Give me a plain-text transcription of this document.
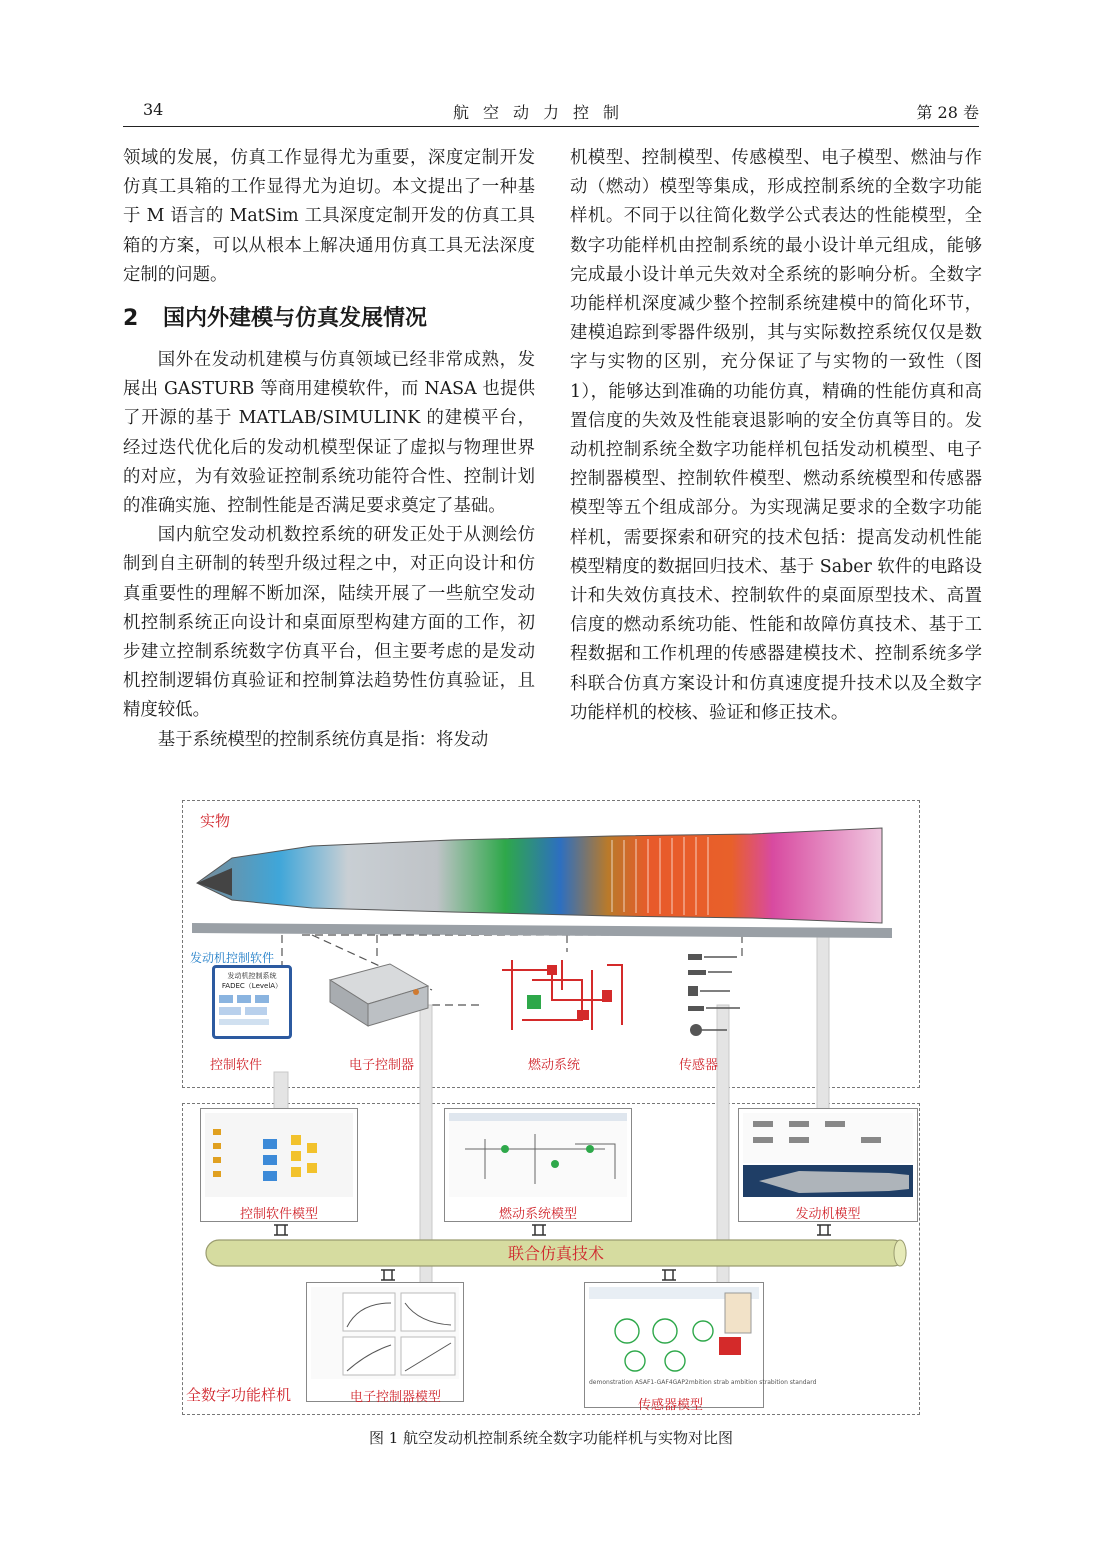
34	航空动力控制	第 28 卷

领域的发展，仿真工作显得尤为重要，深度定制开发仿真工具箱的工作显得尤为迫切。本文提出了一种基于 M 语言的 MatSim 工具深度定制开发的仿真工具箱的方案，可以从根本上解决通用仿真工具无法深度定制的问题。

2 国内外建模与仿真发展情况

国外在发动机建模与仿真领域已经非常成熟，发展出 GASTURB 等商用建模软件，而 NASA 也提供了开源的基于 MATLAB/SIMULINK 的建模平台，经过迭代优化后的发动机模型保证了虚拟与物理世界的对应，为有效验证控制系统功能符合性、控制计划的准确实施、控制性能是否满足要求奠定了基础。

国内航空发动机数控系统的研发正处于从测绘仿制到自主研制的转型升级过程之中，对正向设计和仿真重要性的理解不断加深，陆续开展了一些航空发动机控制系统正向设计和桌面原型构建方面的工作，初步建立控制系统数字仿真平台，但主要考虑的是发动机控制逻辑仿真验证和控制算法趋势性仿真验证，且精度较低。

基于系统模型的控制系统仿真是指：将发动

机模型、控制模型、传感模型、电子模型、燃油与作动（燃动）模型等集成，形成控制系统的全数字功能样机。不同于以往简化数学公式表达的性能模型，全数字功能样机由控制系统的最小设计单元组成，能够完成最小设计单元失效对全系统的影响分析。全数字功能样机深度减少整个控制系统建模中的简化环节，建模追踪到零器件级别，其与实际数控系统仅仅是数字与实物的区别，充分保证了与实物的一致性（图 1），能够达到准确的功能仿真，精确的性能仿真和高置信度的失效及性能衰退影响的安全仿真等目的。发动机控制系统全数字功能样机包括发动机模型、电子控制器模型、控制软件模型、燃动系统模型和传感器模型等五个组成部分。为实现满足要求的全数字功能样机，需要探索和研究的技术包括：提高发动机性能模型精度的数据回归技术、基于 Saber 软件的电路设计和失效仿真技术、控制软件的桌面原型技术、高置信度的燃动系统功能、性能和故障仿真技术、基于工程数据和工作机理的传感器建模技术、控制系统多学科联合仿真方案设计和仿真速度提升技术以及全数字功能样机的校核、验证和修正技术。

实物
发动机控制软件
发动机控制系统
FADEC（LevelA）
控制软件	电子控制器	燃动系统	传感器
控制软件模型	燃动系统模型	发动机模型
联合仿真技术
电子控制器模型
demonstration ASAF1-GAF4GAP2mbition strab ambition strabition standard
传感器模型
全数字功能样机
图 1 航空发动机控制系统全数字功能样机与实物对比图
